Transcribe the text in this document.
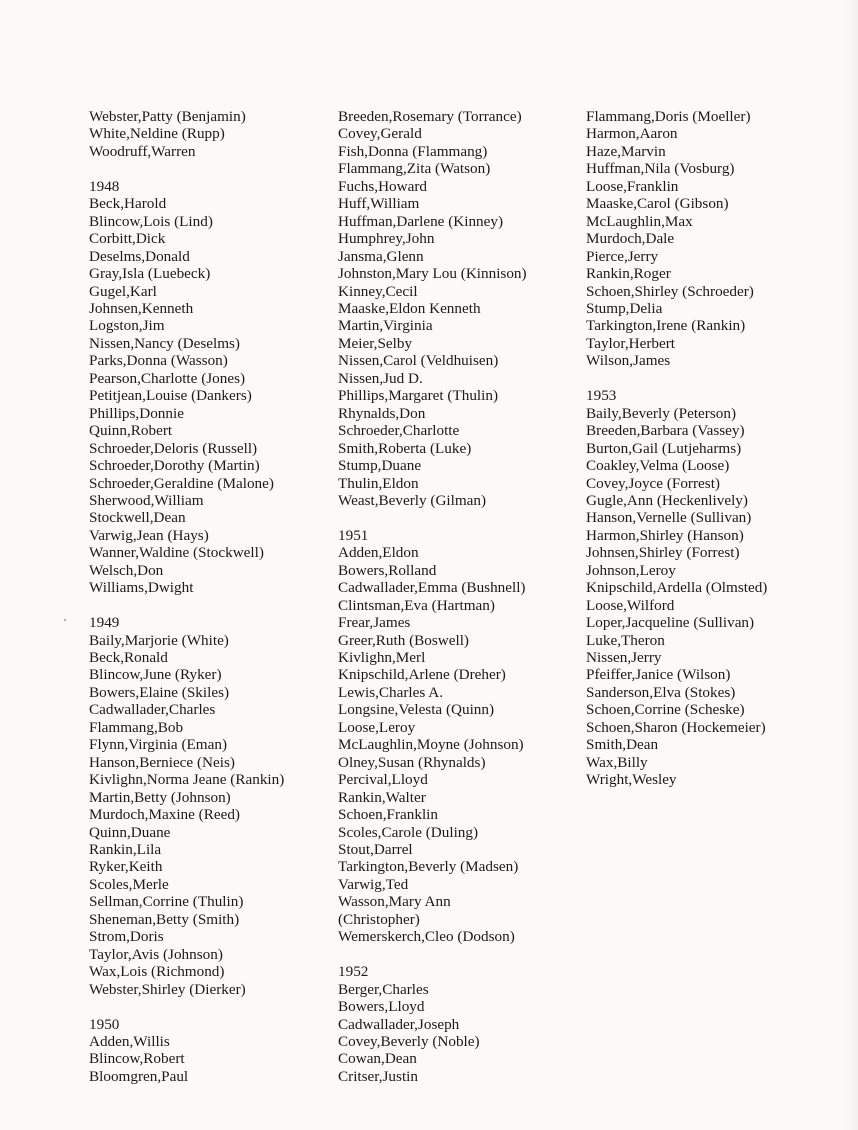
Webster,Patty (Benjamin)
White,Neldine (Rupp)
Woodruff,Warren
1948
Beck,Harold
Blincow,Lois (Lind)
Corbitt,Dick
Deselms,Donald
Gray,Isla (Luebeck)
Gugel,Karl
Johnsen,Kenneth
Logston,Jim
Nissen,Nancy (Deselms)
Parks,Donna (Wasson)
Pearson,Charlotte (Jones)
Petitjean,Louise (Dankers)
Phillips,Donnie
Quinn,Robert
Schroeder,Deloris (Russell)
Schroeder,Dorothy (Martin)
Schroeder,Geraldine (Malone)
Sherwood,William
Stockwell,Dean
Varwig,Jean (Hays)
Wanner,Waldine (Stockwell)
Welsch,Don
Williams,Dwight
1949
Baily,Marjorie (White)
Beck,Ronald
Blincow,June (Ryker)
Bowers,Elaine (Skiles)
Cadwallader,Charles
Flammang,Bob
Flynn,Virginia (Eman)
Hanson,Berniece (Neis)
Kivlighn,Norma Jeane (Rankin)
Martin,Betty (Johnson)
Murdoch,Maxine (Reed)
Quinn,Duane
Rankin,Lila
Ryker,Keith
Scoles,Merle
Sellman,Corrine (Thulin)
Sheneman,Betty (Smith)
Strom,Doris
Taylor,Avis (Johnson)
Wax,Lois (Richmond)
Webster,Shirley (Dierker)
1950
Adden,Willis
Blincow,Robert
Bloomgren,Paul
Breeden,Rosemary (Torrance)
Covey,Gerald
Fish,Donna (Flammang)
Flammang,Zita (Watson)
Fuchs,Howard
Huff,William
Huffman,Darlene (Kinney)
Humphrey,John
Jansma,Glenn
Johnston,Mary Lou (Kinnison)
Kinney,Cecil
Maaske,Eldon Kenneth
Martin,Virginia
Meier,Selby
Nissen,Carol (Veldhuisen)
Nissen,Jud D.
Phillips,Margaret (Thulin)
Rhynalds,Don
Schroeder,Charlotte
Smith,Roberta (Luke)
Stump,Duane
Thulin,Eldon
Weast,Beverly (Gilman)
1951
Adden,Eldon
Bowers,Rolland
Cadwallader,Emma (Bushnell)
Clintsman,Eva (Hartman)
Frear,James
Greer,Ruth (Boswell)
Kivlighn,Merl
Knipschild,Arlene (Dreher)
Lewis,Charles A.
Longsine,Velesta (Quinn)
Loose,Leroy
McLaughlin,Moyne (Johnson)
Olney,Susan (Rhynalds)
Percival,Lloyd
Rankin,Walter
Schoen,Franklin
Scoles,Carole (Duling)
Stout,Darrel
Tarkington,Beverly (Madsen)
Varwig,Ted
Wasson,Mary Ann
(Christopher)
Wemerskerch,Cleo (Dodson)
1952
Berger,Charles
Bowers,Lloyd
Cadwallader,Joseph
Covey,Beverly (Noble)
Cowan,Dean
Critser,Justin
Flammang,Doris (Moeller)
Harmon,Aaron
Haze,Marvin
Huffman,Nila (Vosburg)
Loose,Franklin
Maaske,Carol (Gibson)
McLaughlin,Max
Murdoch,Dale
Pierce,Jerry
Rankin,Roger
Schoen,Shirley (Schroeder)
Stump,Delia
Tarkington,Irene (Rankin)
Taylor,Herbert
Wilson,James
1953
Baily,Beverly (Peterson)
Breeden,Barbara (Vassey)
Burton,Gail (Lutjeharms)
Coakley,Velma (Loose)
Covey,Joyce (Forrest)
Gugle,Ann (Heckenlively)
Hanson,Vernelle (Sullivan)
Harmon,Shirley (Hanson)
Johnsen,Shirley (Forrest)
Johnson,Leroy
Knipschild,Ardella (Olmsted)
Loose,Wilford
Loper,Jacqueline (Sullivan)
Luke,Theron
Nissen,Jerry
Pfeiffer,Janice (Wilson)
Sanderson,Elva (Stokes)
Schoen,Corrine (Scheske)
Schoen,Sharon (Hockemeier)
Smith,Dean
Wax,Billy
Wright,Wesley
